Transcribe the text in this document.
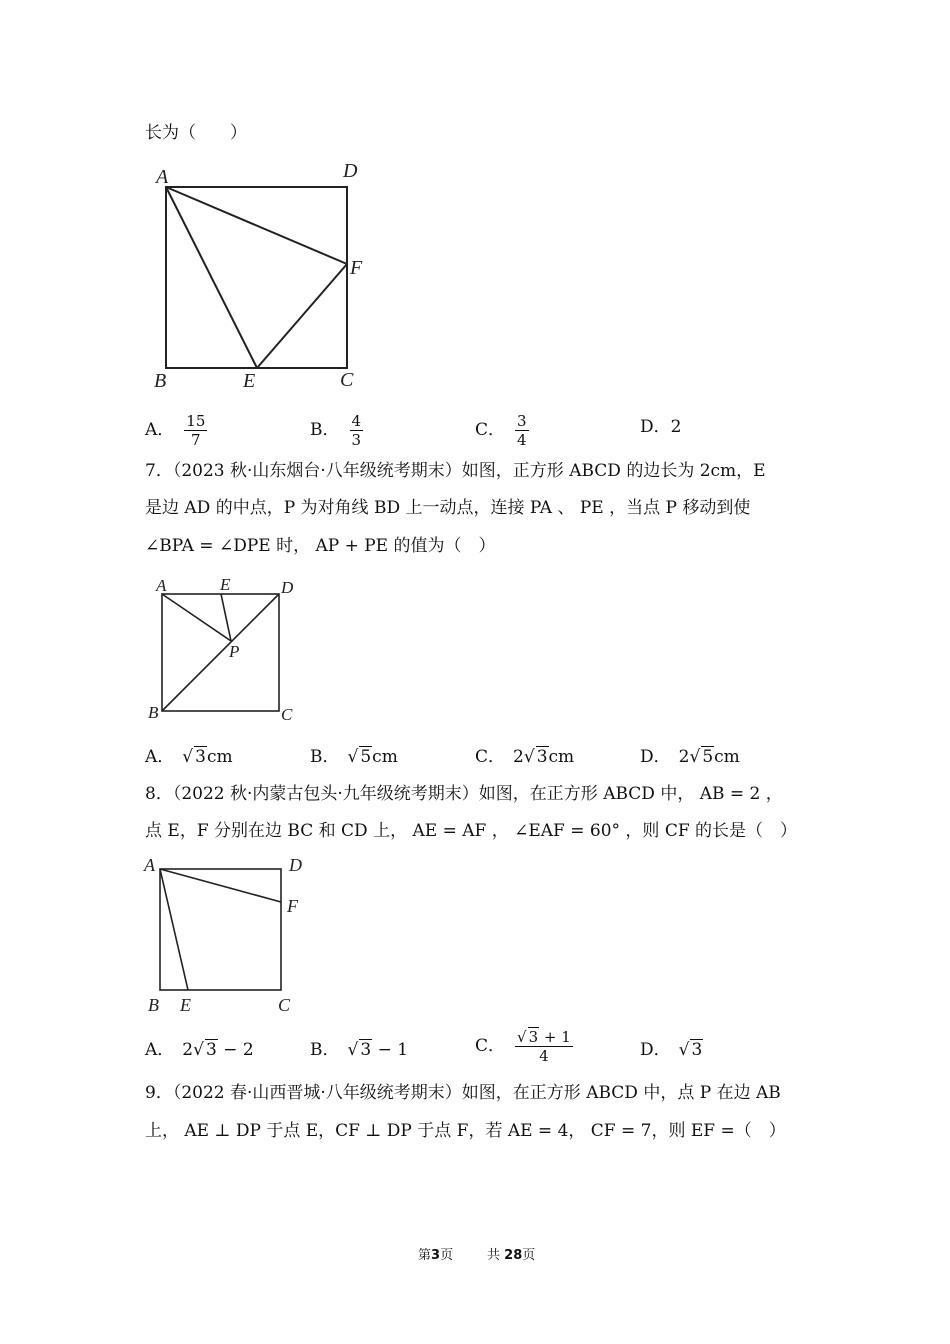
长为（　　）
A	D
F
B	E	C
A． $\frac{15}{7}$	B． $\frac{4}{3}$	C． $\frac{3}{4}$	D．2
7．（2023 秋·山东烟台·八年级统考期末）如图，正方形 ABCD 的边长为 2cm，E
是边 AD 的中点，P 为对角线 BD 上一动点，连接 PA 、 PE ，当点 P 移动到使
∠BPA = ∠DPE 时， AP + PE 的值为（　）
A	E	D
P
B	C
A． √ 3cm	B． √ 5cm	C． 2√ 3cm	D． 2√ 5cm
8．（2022 秋·内蒙古包头·九年级统考期末）如图，在正方形 ABCD 中， AB = 2 ，
点 E，F 分别在边 BC 和 CD 上， AE = AF ， ∠EAF = 60° ，则 CF 的长是（　）
A	D
F
B E	C
A． 2√ 3 − 2	B． √ 3 − 1	C． $\frac{√ 3 + 1}{4}$	D． √ 3
9．（2022 春·山西晋城·八年级统考期末）如图，在正方形 ABCD 中，点 P 在边 AB
上， AE ⊥ DP 于点 E，CF ⊥ DP 于点 F，若 AE = 4， CF = 7，则 EF =（　）
第3页	共 28页
